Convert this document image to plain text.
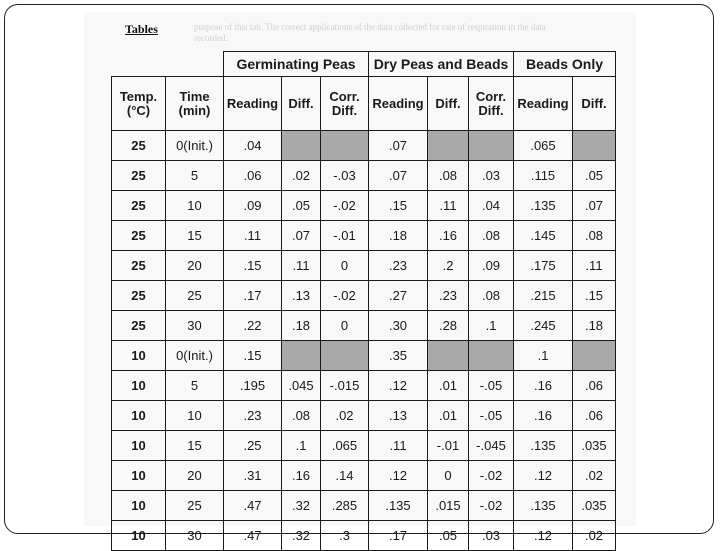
Tables	purpose of this lab. The correct applications of the data collected for rate of respiration in the data recorded.
		Germinating Peas			Dry Peas and Beads			Beads Only	
Temp. (°C)	Time (min)	Reading	Diff.	Corr. Diff.	Reading	Diff.	Corr. Diff.	Reading	Diff.
25	0(Init.)	.04			.07			.065	
25	5	.06	.02	-.03	.07	.08	.03	.115	.05
25	10	.09	.05	-.02	.15	.11	.04	.135	.07
25	15	.11	.07	-.01	.18	.16	.08	.145	.08
25	20	.15	.11	0	.23	.2	.09	.175	.11
25	25	.17	.13	-.02	.27	.23	.08	.215	.15
25	30	.22	.18	0	.30	.28	.1	.245	.18
10	0(Init.)	.15			.35			.1	
10	5	.195	.045	-.015	.12	.01	-.05	.16	.06
10	10	.23	.08	.02	.13	.01	-.05	.16	.06
10	15	.25	.1	.065	.11	-.01	-.045	.135	.035
10	20	.31	.16	.14	.12	0	-.02	.12	.02
10	25	.47	.32	.285	.135	.015	-.02	.135	.035
10	30	.47	.32	.3	.17	.05	.03	.12	.02
